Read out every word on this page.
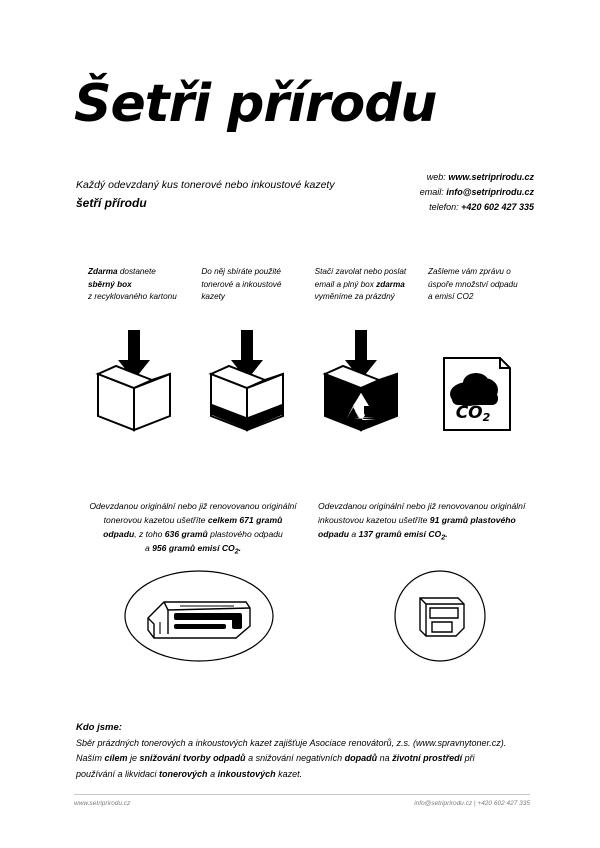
Šetři přírodu
Každý odevzdaný kus tonerové nebo inkoustové kazety
šetří přírodu
web: www.setriprirodu.cz
email: info@setriprirodu.cz
telefon: +420 602 427 335
Zdarma dostanete
sběrný box
z recyklovaného kartonu
Do něj sbíráte použité
tonerové a inkoustové
kazety
Stačí zavolat nebo poslat
email a plný box zdarma
vyměníme za prázdný
Zašleme vám zprávu o
úspoře množství odpadu
a emisí CO2
CO2
Odevzdanou originální nebo již renovovanou originální
tonerovou kazetou ušetříte celkem 671 gramů
odpadu, z toho 636 gramů plastového odpadu
a 956 gramů emisí $CO_2$.
Odevzdanou originální nebo již renovovanou originální
inkoustovou kazetou ušetříte 91 gramů plastového
odpadu a 137 gramů emisí $CO_2$.
Kdo jsme:
Sběr prázdných tonerových a inkoustových kazet zajišťuje Asociace renovátorů, z.s. (www.spravnytoner.cz).
Naším cílem je snižování tvorby odpadů a snižování negativních dopadů na životní prostředí při
používání a likvidaci tonerových a inkoustových kazet.
www.setriprirodu.cz	info@setriprirodu.cz | +420 602 427 335
